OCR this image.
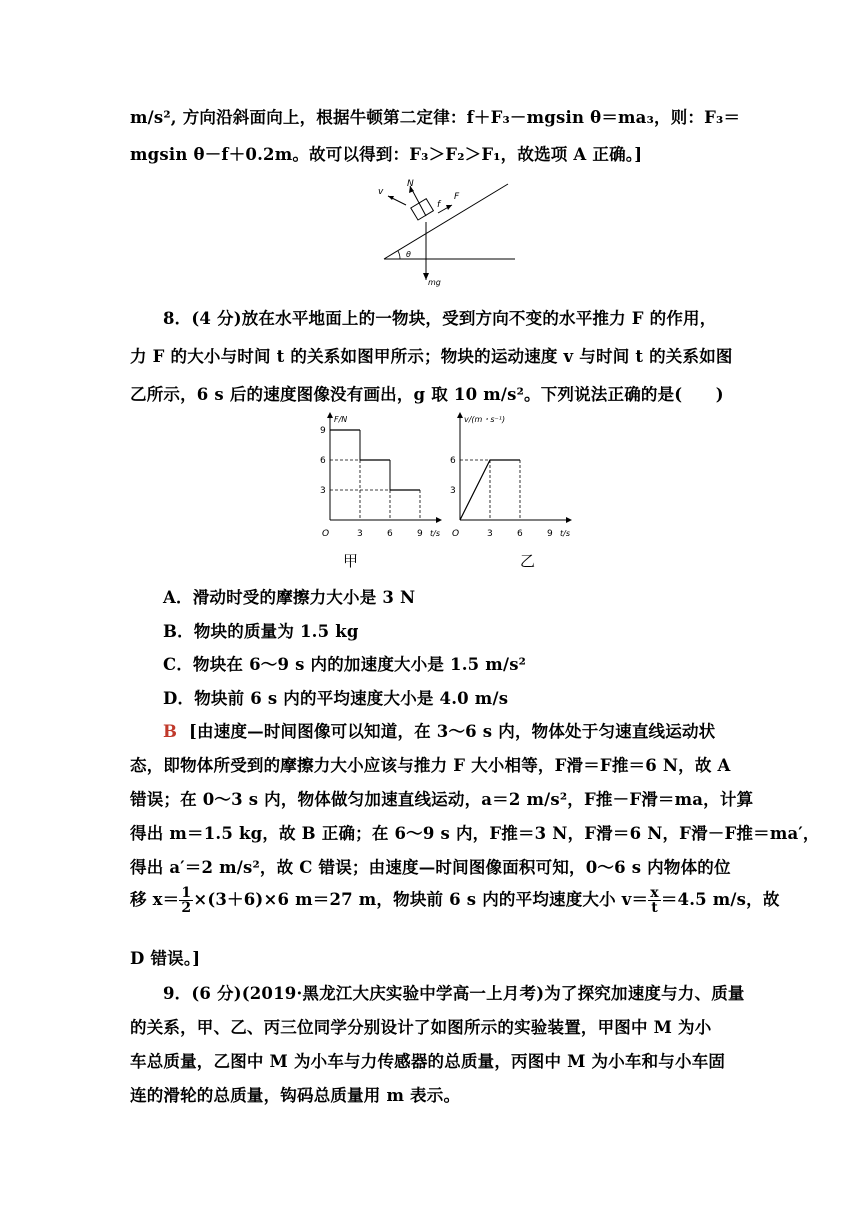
m/s², 方向沿斜面向上，根据牛顿第二定律：f＋F₃－mgsin θ＝ma₃，则：F₃＝
mgsin θ－f＋0.2m。故可以得到：F₃＞F₂＞F₁，故选项 A 正确。]
v
N
f
F
θ
mg
8．(4 分)放在水平地面上的一物块，受到方向不变的水平推力 F 的作用，
力 F 的大小与时间 t 的关系如图甲所示；物块的运动速度 v 与时间 t 的关系如图
乙所示，6 s 后的速度图像没有画出，g 取 10 m/s²。下列说法正确的是(　　)
F/N
t/s
O	3	6	9
3
6
9
v/(m・s⁻¹)
t/s
O	3	6	9
3
6
甲	乙
A．滑动时受的摩擦力大小是 3 N
B．物块的质量为 1.5 kg
C．物块在 6～9 s 内的加速度大小是 1.5 m/s²
D．物块前 6 s 内的平均速度大小是 4.0 m/s
B [由速度—时间图像可以知道，在 3～6 s 内，物体处于匀速直线运动状
态，即物体所受到的摩擦力大小应该与推力 F 大小相等，F滑＝F推＝6 N，故 A
错误；在 0～3 s 内，物体做匀加速直线运动，a＝2 m/s²，F推－F滑＝ma，计算
得出 m＝1.5 kg，故 B 正确；在 6～9 s 内，F推＝3 N，F滑＝6 N，F滑－F推＝ma′，
得出 a′＝2 m/s²，故 C 错误；由速度—时间图像面积可知，0～6 s 内物体的位
移 $x= \frac{1}{2} \times(3+6)\times 6$ m＝27 m，物块前 6 s 内的平均速度大小 $v= \frac{x}{t} =4.5$ m/s，故
D 错误。]
9．(6 分)(2019·黑龙江大庆实验中学高一上月考)为了探究加速度与力、质量
的关系，甲、乙、丙三位同学分别设计了如图所示的实验装置，甲图中 M 为小
车总质量，乙图中 M 为小车与力传感器的总质量，丙图中 M 为小车和与小车固
连的滑轮的总质量，钩码总质量用 m 表示。
